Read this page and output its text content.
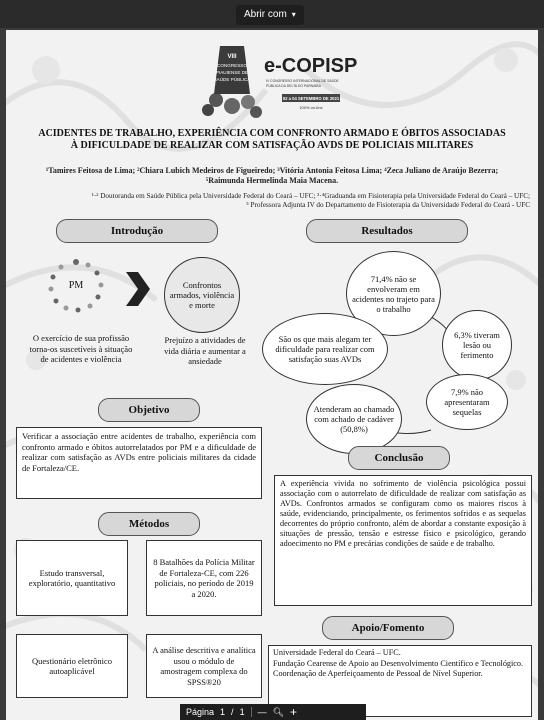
Abrir com ▾
VIII
CONGRESSO
PIAUIENSE DE
SAÚDE PÚBLICA
e-COPISP
IV CONGRESSO INTERNACIONAL DE SAÚDE
PÚBLICA DA DELTA DO PARNAÍBA
02 a 04 SETEMBRO DE 2021
100% on-line
ACIDENTES DE TRABALHO, EXPERIÊNCIA COM CONFRONTO ARMADO E ÓBITOS ASSOCIADAS
À DIFICULDADE DE REALIZAR COM SATISFAÇÃO AVDS DE POLICIAIS MILITARES
¹Tamires Feitosa de Lima; ²Chiara Lubich Medeiros de Figueiredo; ³Vitória Antonia Feitosa Lima; ⁴Zeca Juliano de Araújo Bezerra;
⁵Raimunda Hermelinda Maia Macena.
¹·² Doutoranda em Saúde Pública pela Universidade Federal do Ceará – UFC; ³·⁴Graduanda em Fisioterapia pela Universidade Federal do Ceará – UFC;
⁵ Professora Adjunta IV do Departamento de Fisioterapia da Universidade Federal do Ceará - UFC
Introdução
PM	Confrontos armados, violência e morte
O exercício de sua profissão torna-os suscetíveis à situação de acidentes e violência
Prejuízo a atividades de vida diária e aumentar a ansiedade
Objetivo
Verificar a associação entre acidentes de trabalho, experiência com confronto armado e óbitos autorrelatados por PM e a dificuldade de realizar com satisfação as AVDs entre policiais militares da cidade de Fortaleza/CE.
Métodos
Estudo transversal, exploratório, quantitativo
8 Batalhões da Polícia Militar de Fortaleza-CE, com 226 policiais, no período de 2019 a 2020.
Questionário eletrônico autoaplicável
A análise descritiva e analítica usou o módulo de amostragem complexa do SPSS®20
Resultados
71,4% não se envolveram em acidentes no trajeto para o trabalho
6,3% tiveram lesão ou ferimento
7,9% não apresentaram sequelas
Atenderam ao chamado com achado de cadáver (50,8%)
São os que mais alegam ter dificuldade para realizar com satisfação suas AVDs
Conclusão
A experiência vivida no sofrimento de violência psicológica possui associação com o autorrelato de dificuldade de realizar com satisfação as AVDs. Confrontos armados se configuram como os maiores riscos à saúde, evidenciando, principalmente, os ferimentos sofridos e as sequelas decorrentes do próprio confronto, além de abordar a constante exposição à situações de pressão, tensão e estresse físico e psicológico, gerando adoecimento no PM e precárias condições de saúde e de trabalho.
Apoio/Fomento
Universidade Federal do Ceará – UFC.
Fundação Cearense de Apoio ao Desenvolvimento Científico e Tecnológico.
Coordenação de Aperfeiçoamento de Pessoal de Nível Superior.
Página 1 / 1 — 🔍︎ +
